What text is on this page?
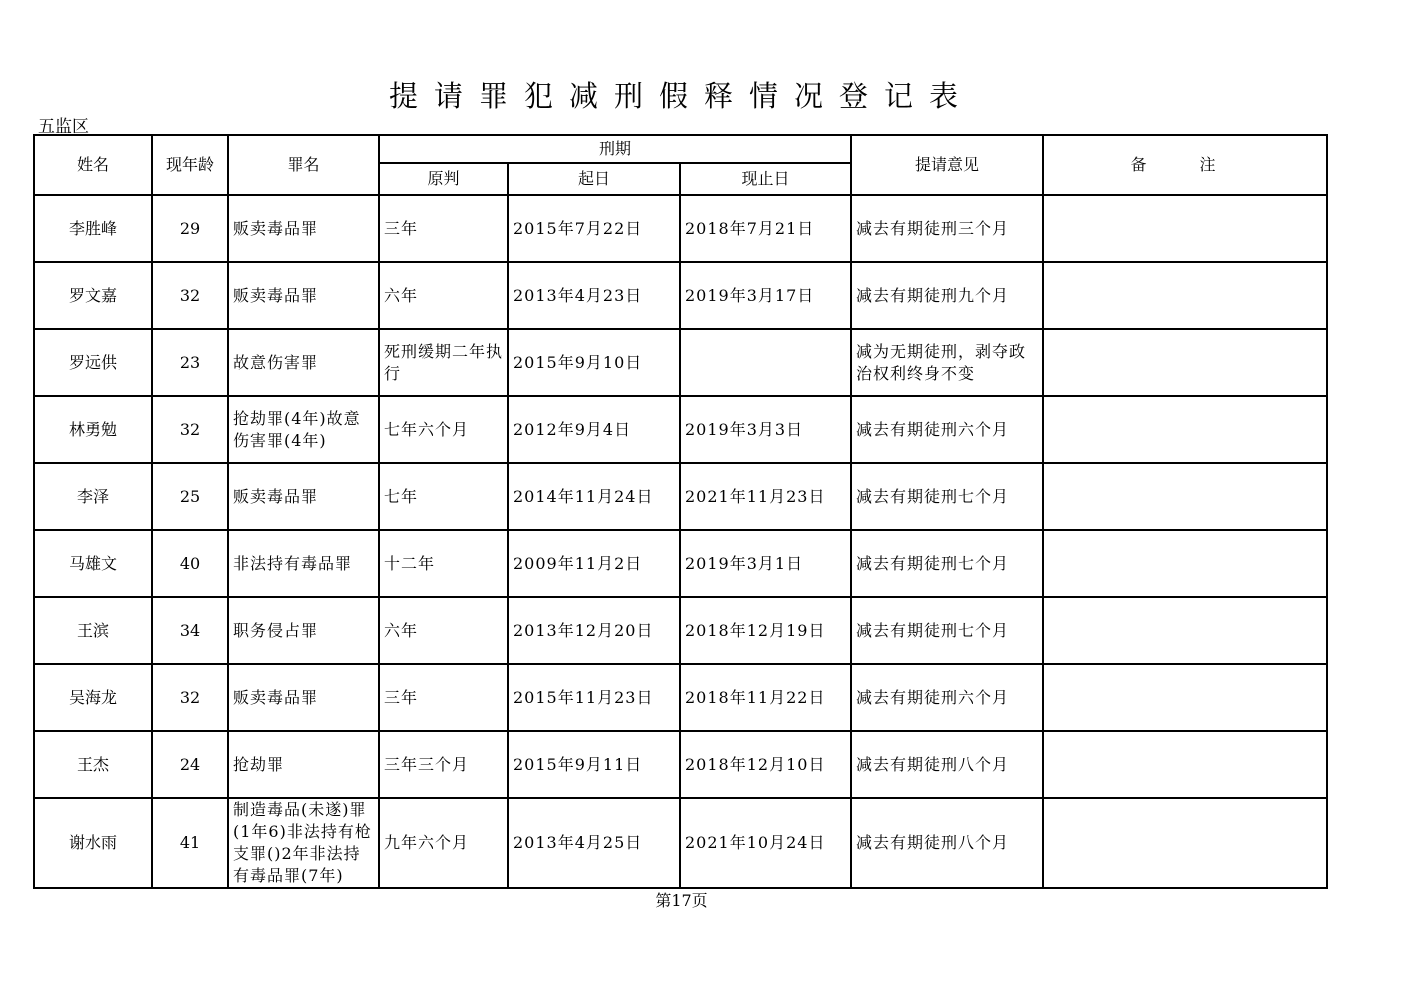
提请罪犯减刑假释情况登记表
五监区
姓名	现年龄	罪名	刑期			提请意见	备 注
			原判	起日	现止日		
李胜峰	29	贩卖毒品罪	三年	2015年7月22日	2018年7月21日	减去有期徒刑三个月	
罗文嘉	32	贩卖毒品罪	六年	2013年4月23日	2019年3月17日	减去有期徒刑九个月	
罗远供	23	故意伤害罪	死刑缓期二年执行	2015年9月10日		减为无期徒刑，剥夺政治权利终身不变	
林勇勉	32	抢劫罪(4年)故意伤害罪(4年)	七年六个月	2012年9月4日	2019年3月3日	减去有期徒刑六个月	
李泽	25	贩卖毒品罪	七年	2014年11月24日	2021年11月23日	减去有期徒刑七个月	
马雄文	40	非法持有毒品罪	十二年	2009年11月2日	2019年3月1日	减去有期徒刑七个月	
王滨	34	职务侵占罪	六年	2013年12月20日	2018年12月19日	减去有期徒刑七个月	
吴海龙	32	贩卖毒品罪	三年	2015年11月23日	2018年11月22日	减去有期徒刑六个月	
王杰	24	抢劫罪	三年三个月	2015年9月11日	2018年12月10日	减去有期徒刑八个月	
谢水雨	41	制造毒品(未遂)罪(1年6)非法持有枪支罪()2年非法持有毒品罪(7年)	九年六个月	2013年4月25日	2021年10月24日	减去有期徒刑八个月	
第17页
